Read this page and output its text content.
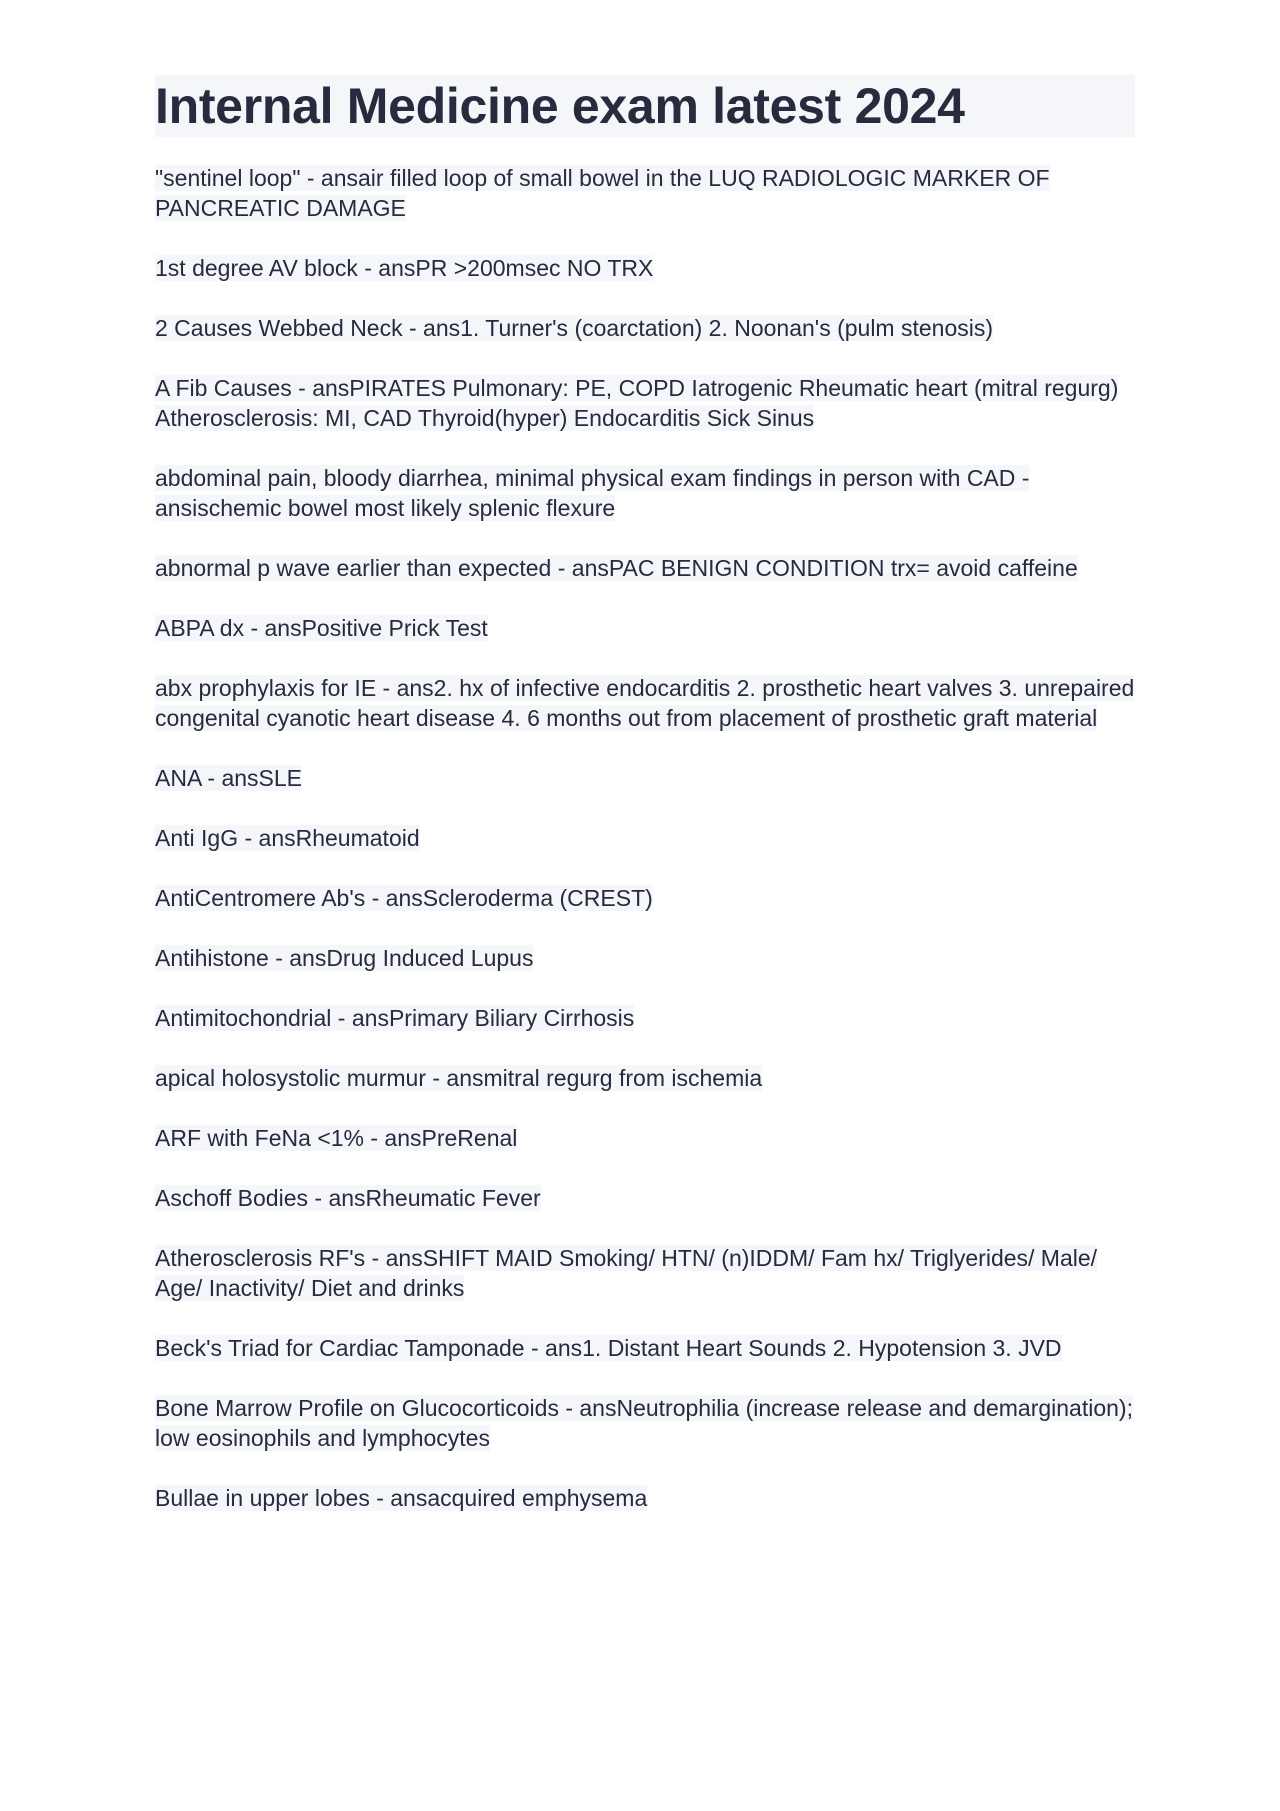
Internal Medicine exam latest 2024

"sentinel loop" - ansair filled loop of small bowel in the LUQ RADIOLOGIC MARKER OF PANCREATIC DAMAGE

1st degree AV block - ansPR >200msec NO TRX

2 Causes Webbed Neck - ans1. Turner's (coarctation) 2. Noonan's (pulm stenosis)

A Fib Causes - ansPIRATES Pulmonary: PE, COPD Iatrogenic Rheumatic heart (mitral regurg) Atherosclerosis: MI, CAD Thyroid(hyper) Endocarditis Sick Sinus

abdominal pain, bloody diarrhea, minimal physical exam findings in person with CAD - ansischemic bowel most likely splenic flexure

abnormal p wave earlier than expected - ansPAC BENIGN CONDITION trx= avoid caffeine

ABPA dx - ansPositive Prick Test

abx prophylaxis for IE - ans2. hx of infective endocarditis 2. prosthetic heart valves 3. unrepaired congenital cyanotic heart disease 4. 6 months out from placement of prosthetic graft material

ANA - ansSLE

Anti IgG - ansRheumatoid

AntiCentromere Ab's - ansScleroderma (CREST)

Antihistone - ansDrug Induced Lupus

Antimitochondrial - ansPrimary Biliary Cirrhosis

apical holosystolic murmur - ansmitral regurg from ischemia

ARF with FeNa <1% - ansPreRenal

Aschoff Bodies - ansRheumatic Fever

Atherosclerosis RF's - ansSHIFT MAID Smoking/ HTN/ (n)IDDM/ Fam hx/ Triglyerides/ Male/ Age/ Inactivity/ Diet and drinks

Beck's Triad for Cardiac Tamponade - ans1. Distant Heart Sounds 2. Hypotension 3. JVD

Bone Marrow Profile on Glucocorticoids - ansNeutrophilia (increase release and demargination); low eosinophils and lymphocytes

Bullae in upper lobes - ansacquired emphysema
